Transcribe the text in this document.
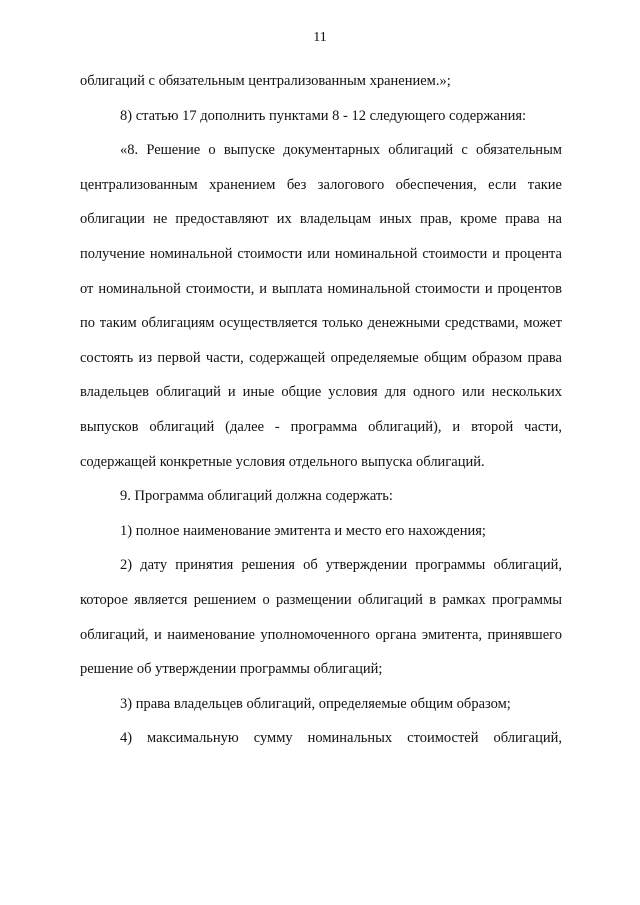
11

облигаций с обязательным централизованным хранением.»;

8) статью 17 дополнить пунктами 8 - 12 следующего содержания:

«8. Решение о выпуске документарных облигаций с обязательным централизованным хранением без залогового обеспечения, если такие облигации не предоставляют их владельцам иных прав, кроме права на получение номинальной стоимости или номинальной стоимости и процента от номинальной стоимости, и выплата номинальной стоимости и процентов по таким облигациям осуществляется только денежными средствами, может состоять из первой части, содержащей определяемые общим образом права владельцев облигаций и иные общие условия для одного или нескольких выпусков облигаций (далее - программа облигаций), и второй части, содержащей конкретные условия отдельного выпуска облигаций.

9. Программа облигаций должна содержать:

1) полное наименование эмитента и место его нахождения;

2) дату принятия решения об утверждении программы облигаций, которое является решением о размещении облигаций в рамках программы облигаций, и наименование уполномоченного органа эмитента, принявшего решение об утверждении программы облигаций;

3) права владельцев облигаций, определяемые общим образом;

4) максимальную сумму номинальных стоимостей облигаций,
